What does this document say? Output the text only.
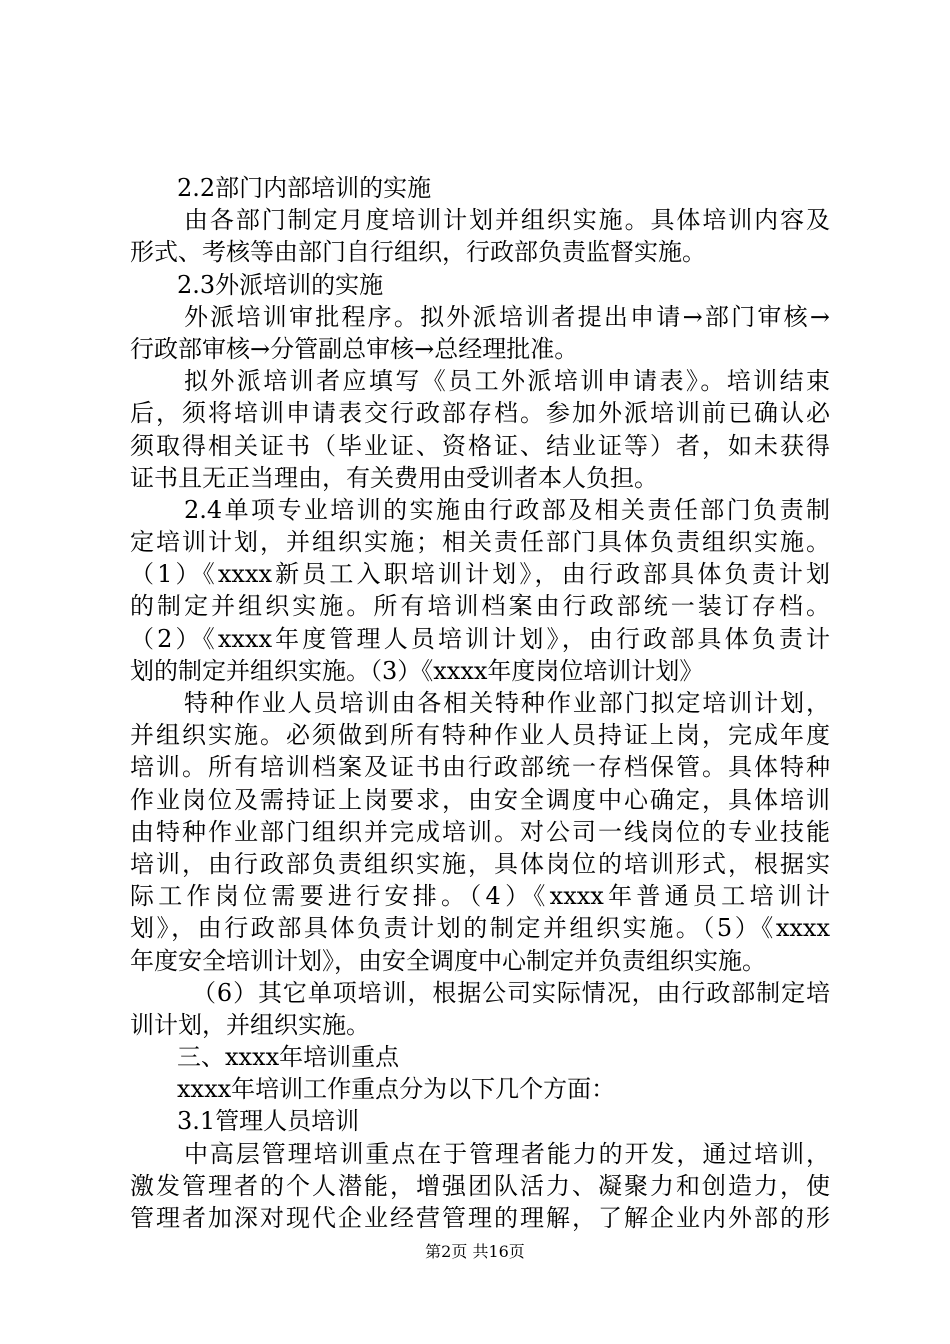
2.2部门内部培训的实施
由各部门制定月度培训计划并组织实施。具体培训内容及
形式、考核等由部门自行组织，行政部负责监督实施。
2.3外派培训的实施
外派培训审批程序。拟外派培训者提出申请→部门审核→
行政部审核→分管副总审核→总经理批准。
拟外派培训者应填写《员工外派培训申请表》。培训结束
后，须将培训申请表交行政部存档。参加外派培训前已确认必
须取得相关证书（毕业证、资格证、结业证等）者，如未获得
证书且无正当理由，有关费用由受训者本人负担。
2.4单项专业培训的实施由行政部及相关责任部门负责制
定培训计划，并组织实施；相关责任部门具体负责组织实施。
（1）《xxxx新员工入职培训计划》，由行政部具体负责计划
的制定并组织实施。所有培训档案由行政部统一装订存档。
（2）《xxxx年度管理人员培训计划》，由行政部具体负责计
划的制定并组织实施。（3）《xxxx年度岗位培训计划》
特种作业人员培训由各相关特种作业部门拟定培训计划，
并组织实施。必须做到所有特种作业人员持证上岗，完成年度
培训。所有培训档案及证书由行政部统一存档保管。具体特种
作业岗位及需持证上岗要求，由安全调度中心确定，具体培训
由特种作业部门组织并完成培训。对公司一线岗位的专业技能
培训，由行政部负责组织实施，具体岗位的培训形式，根据实
际工作岗位需要进行安排。（4）《xxxx年普通员工培训计
划》，由行政部具体负责计划的制定并组织实施。（5）《xxxx
年度安全培训计划》，由安全调度中心制定并负责组织实施。
（6）其它单项培训，根据公司实际情况，由行政部制定培
训计划，并组织实施。
三、xxxx年培训重点
xxxx年培训工作重点分为以下几个方面：
3.1管理人员培训
中高层管理培训重点在于管理者能力的开发，通过培训，
激发管理者的个人潜能，增强团队活力、凝聚力和创造力，使
管理者加深对现代企业经营管理的理解，了解企业内外部的形
第2页 共16页
